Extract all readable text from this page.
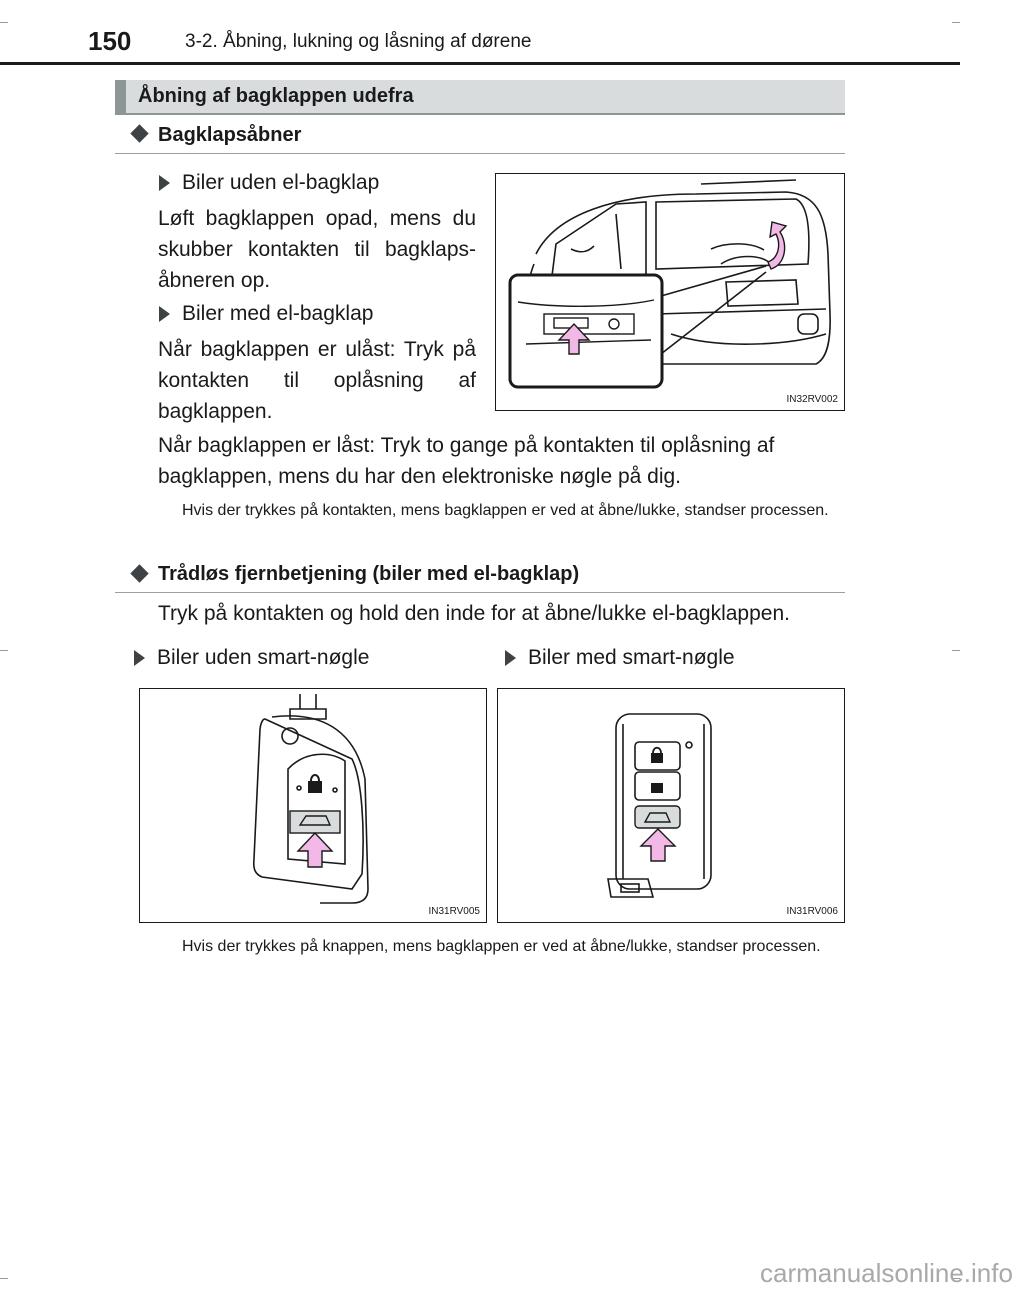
150	3-2. Åbning, lukning og låsning af dørene
Åbning af bagklappen udefra
Bagklapsåbner
Biler uden el-bagklap
Løft bagklappen opad, mens du skubber kontakten til bagklaps-åbneren op.
Biler med el-bagklap
Når bagklappen er ulåst: Tryk på kontakten til oplåsning af bagklappen.
IN32RV002
Når bagklappen er låst: Tryk to gange på kontakten til oplåsning af bagklappen, mens du har den elektroniske nøgle på dig.
Hvis der trykkes på kontakten, mens bagklappen er ved at åbne/lukke, standser processen.
Trådløs fjernbetjening (biler med el-bagklap)
Tryk på kontakten og hold den inde for at åbne/lukke el-bagklappen.
Biler uden smart-nøgle	Biler med smart-nøgle
IN31RV005	IN31RV006
Hvis der trykkes på knappen, mens bagklappen er ved at åbne/lukke, standser processen.
carmanualsonline.info
